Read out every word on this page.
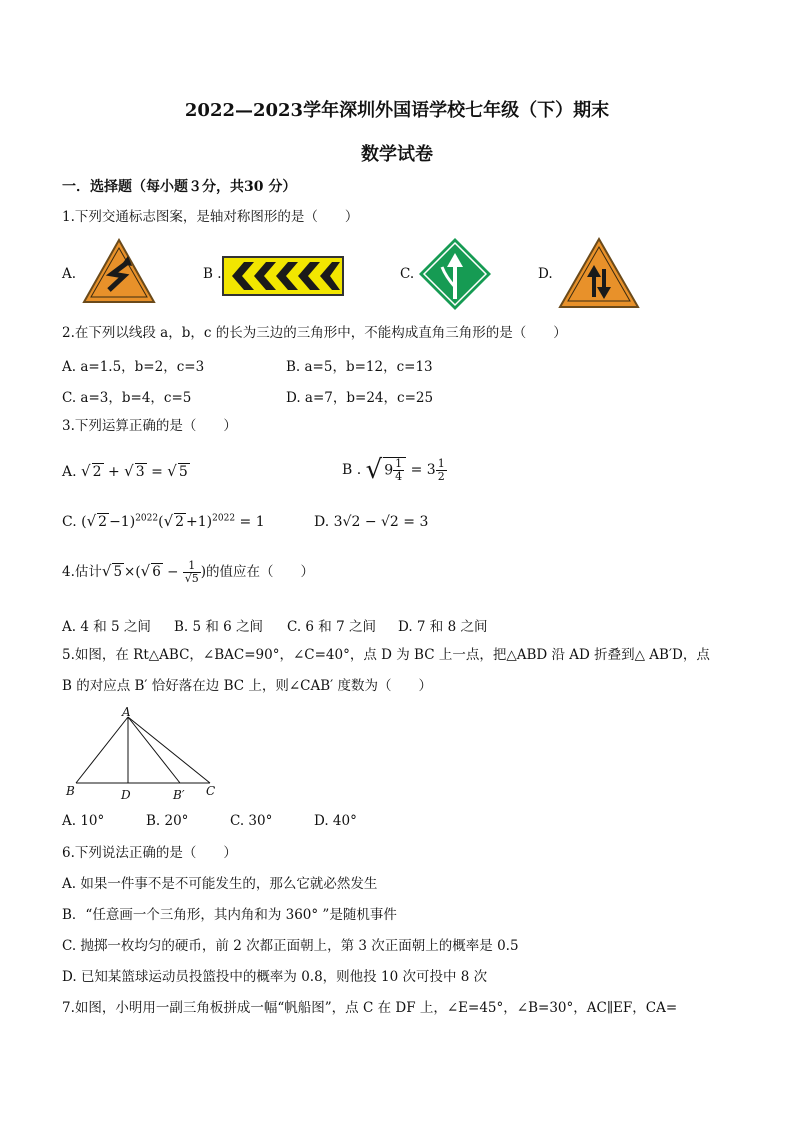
2022—2023学年深圳外国语学校七年级（下）期末
数学试卷
一．选择题（每小题３分，共30 分）
1.下列交通标志图案，是轴对称图形的是（　　）
A.	B .	C.	D.
2.在下列以线段 a，b，c 的长为三边的三角形中，不能构成直角三角形的是（　　）
A. a=1.5，b=2，c=3	B. a=5，b=12，c=13
C. a=3，b=4，c=5	D. a=7，b=24，c=25
3.下列运算正确的是（　　）
A. √ 2 + √ 3 = √ 5	B . √ $9 \frac{1}{4} = 3 \frac{1}{2}$
C. (√ 2 −1)$^{2022}$(√ 2 +1)$^{2022}$ = 1	D. 3√2 − √2 = 3
4.估计√ 5 ×(√ $6 - \frac{1}{√5}$ )的值应在（　　）
A. 4 和 5 之间 B. 5 和 6 之间 C. 6 和 7 之间 D. 7 和 8 之间
5.如图，在 Rt△ABC，∠BAC=90°，∠C=40°，点 D 为 BC 上一点，把△ABD 沿 AD 折叠到△ AB′D，点
B 的对应点 B′ 恰好落在边 BC 上，则∠CAB′ 度数为（　　）
A
B	D	B′ C
A. 10°	B. 20°	C. 30°	D. 40°
6.下列说法正确的是（　　）
A. 如果一件事不是不可能发生的，那么它就必然发生
B．“任意画一个三角形，其内角和为 360° ”是随机事件
C. 抛掷一枚均匀的硬币，前 2 次都正面朝上，第 3 次正面朝上的概率是 0.5
D. 已知某篮球运动员投篮投中的概率为 0.8，则他投 10 次可投中 8 次
7.如图，小明用一副三角板拼成一幅“帆船图”，点 C 在 DF 上，∠E=45°，∠B=30°，AC∥EF，CA=
